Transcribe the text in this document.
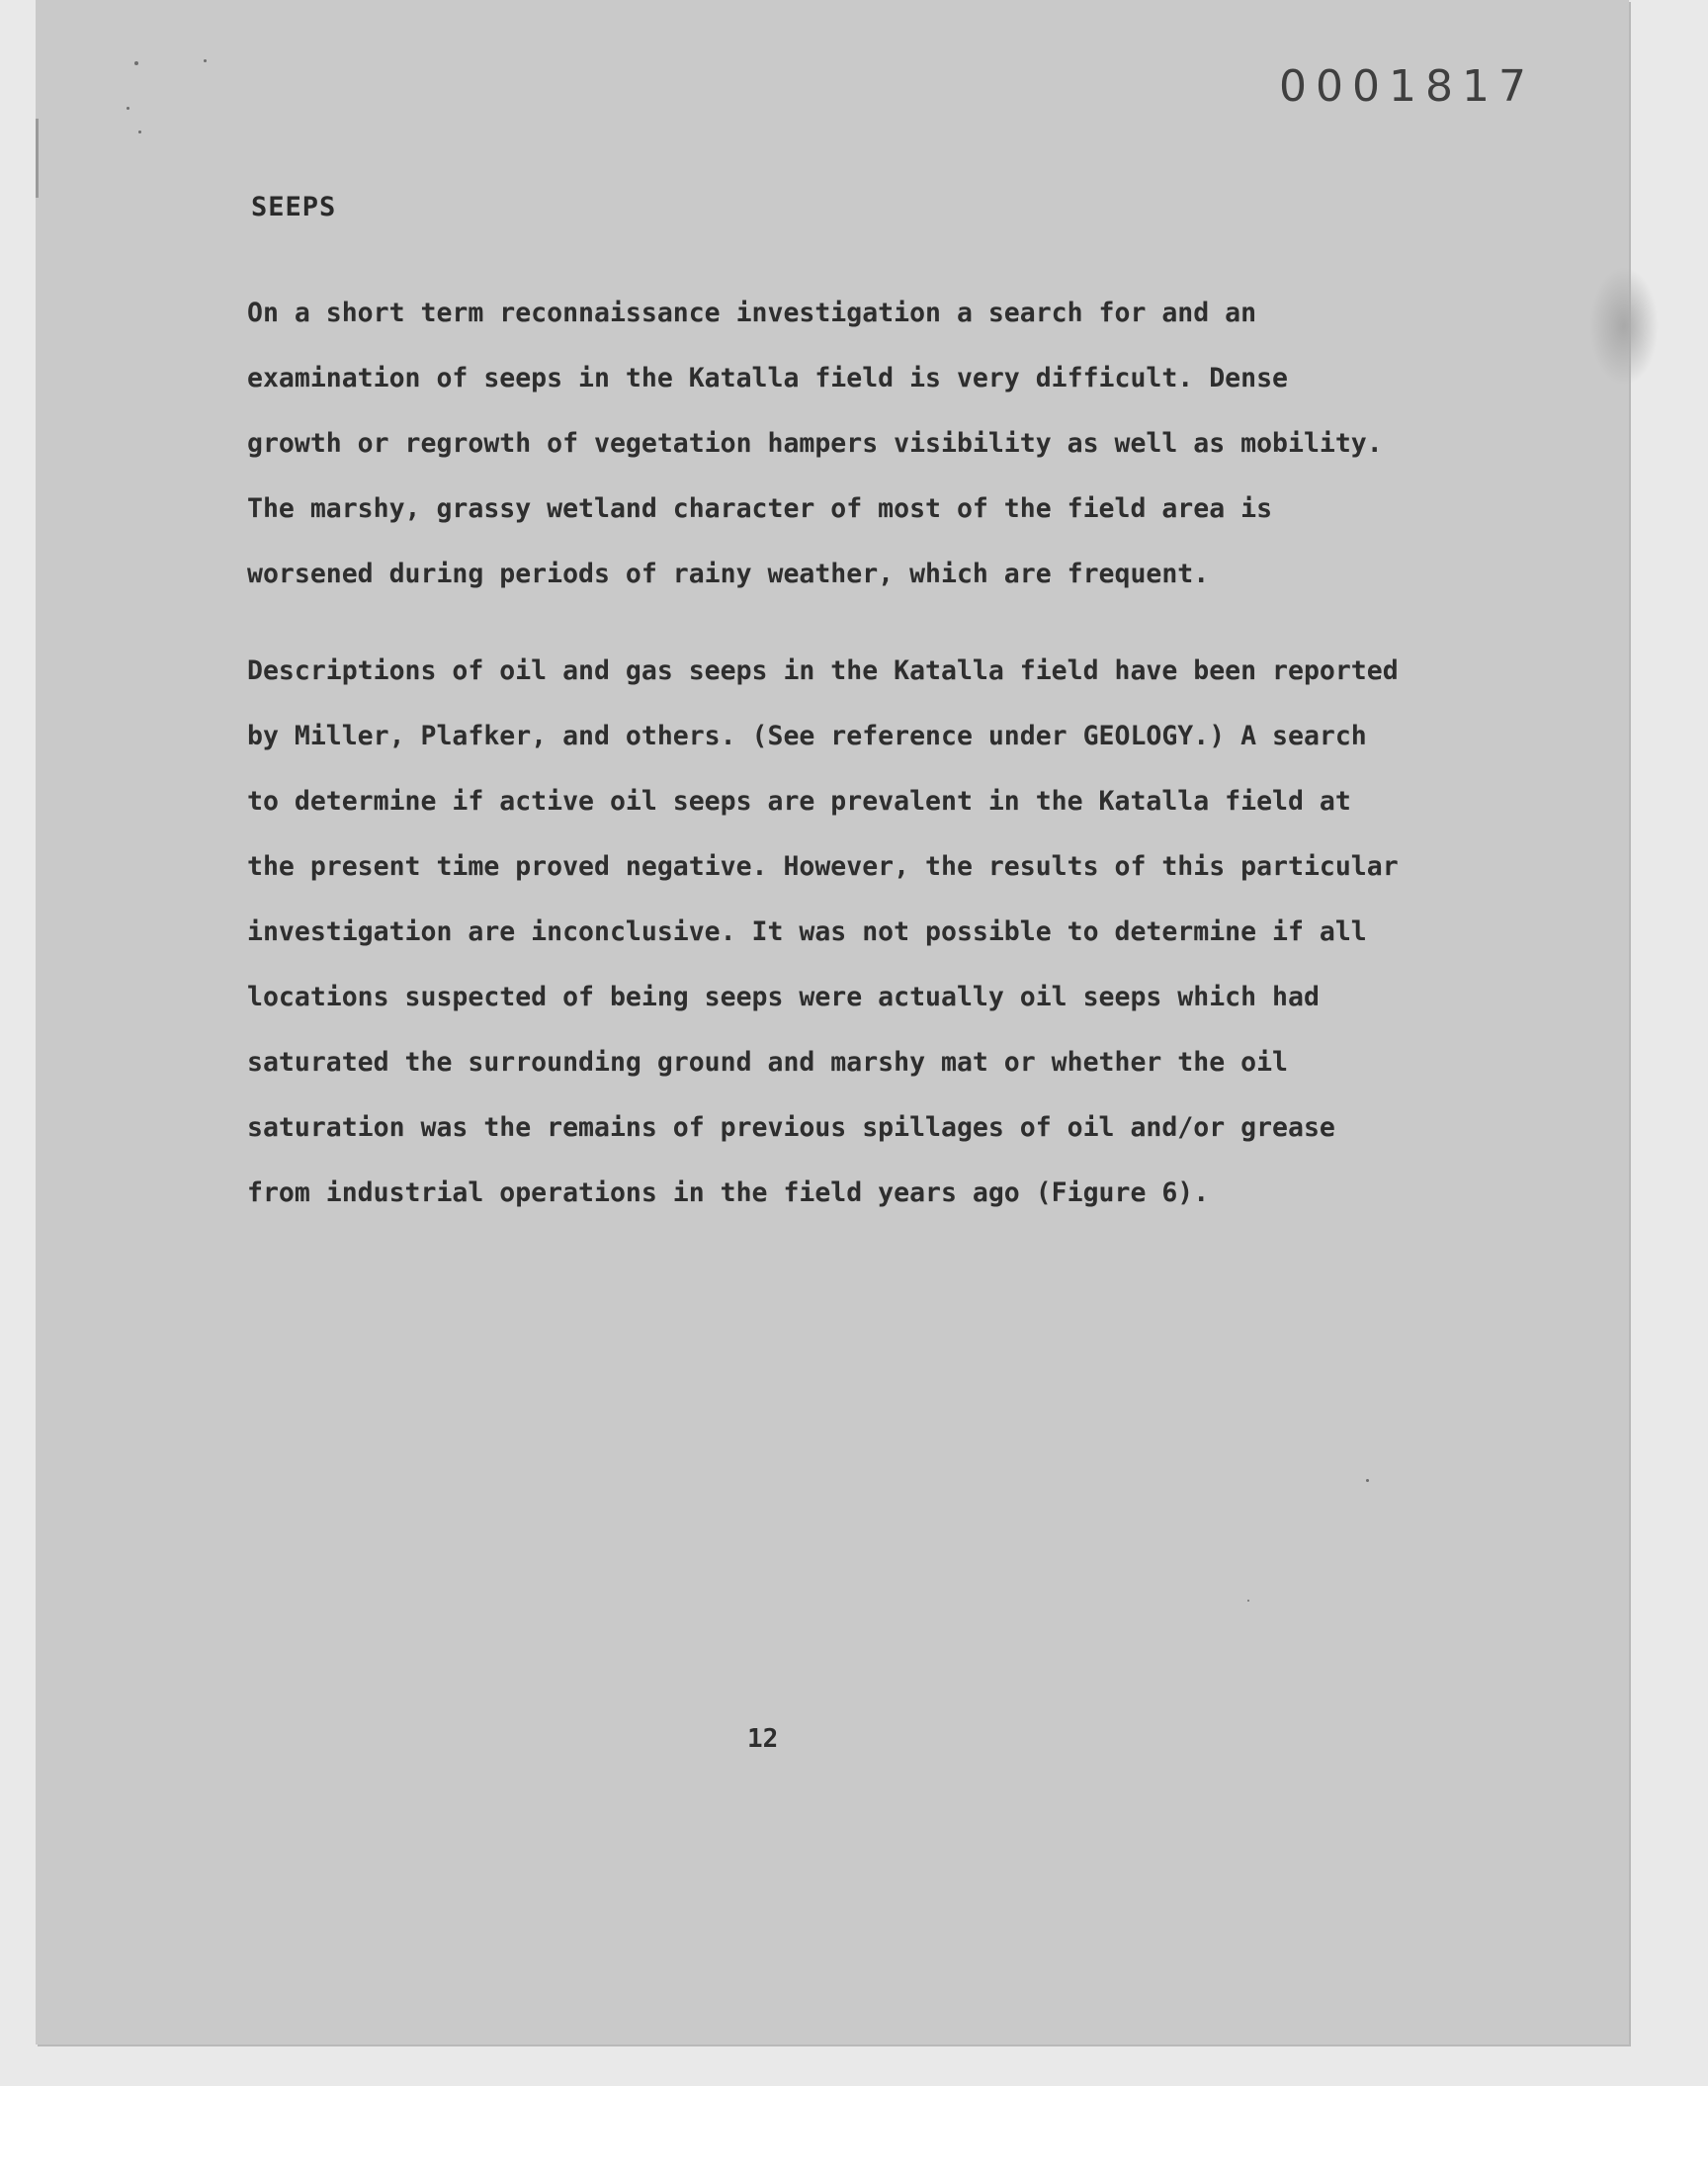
0001817
SEEPS
On a short term reconnaissance investigation a search for and an
examination of seeps in the Katalla field is very difficult. Dense
growth or regrowth of vegetation hampers visibility as well as mobility.
The marshy, grassy wetland character of most of the field area is
worsened during periods of rainy weather, which are frequent.
Descriptions of oil and gas seeps in the Katalla field have been reported
by Miller, Plafker, and others. (See reference under GEOLOGY.) A search
to determine if active oil seeps are prevalent in the Katalla field at
the present time proved negative. However, the results of this particular
investigation are inconclusive. It was not possible to determine if all
locations suspected of being seeps were actually oil seeps which had
saturated the surrounding ground and marshy mat or whether the oil
saturation was the remains of previous spillages of oil and/or grease
from industrial operations in the field years ago (Figure 6).
12
